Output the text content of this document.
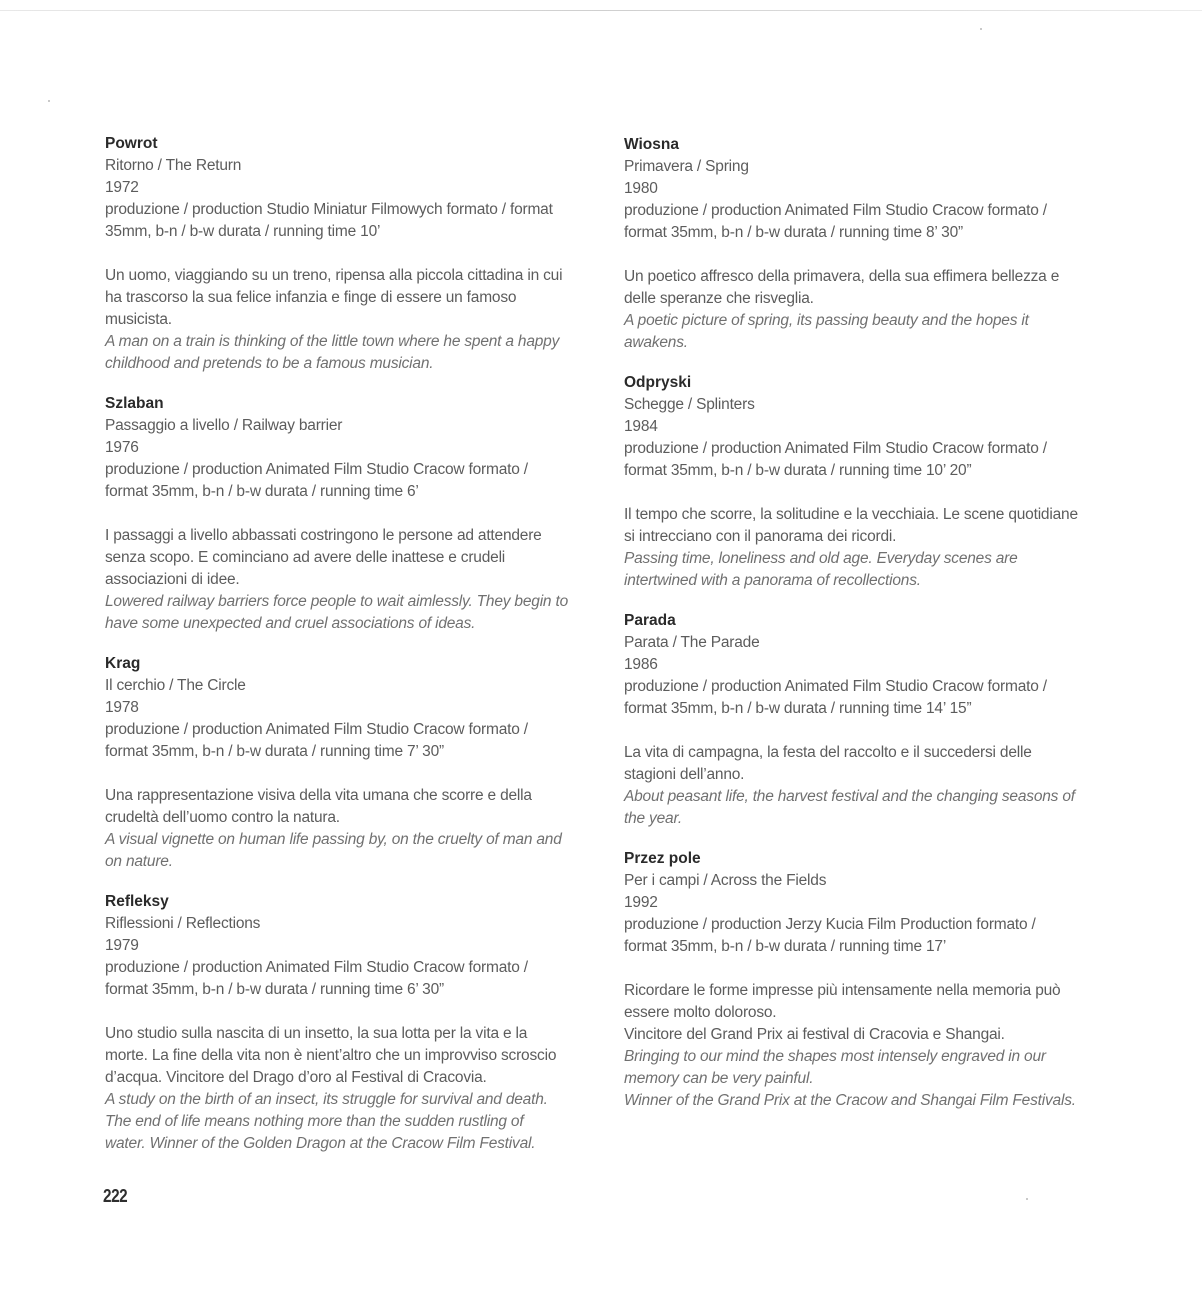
Powrot
Ritorno / The Return
1972
produzione / production Studio Miniatur Filmowych formato / format
35mm, b-n / b-w durata / running time 10’
Un uomo, viaggiando su un treno, ripensa alla piccola cittadina in cui
ha trascorso la sua felice infanzia e finge di essere un famoso
musicista.
A man on a train is thinking of the little town where he spent a happy
childhood and pretends to be a famous musician.
Szlaban
Passaggio a livello / Railway barrier
1976
produzione / production Animated Film Studio Cracow formato /
format 35mm, b-n / b-w durata / running time 6’
I passaggi a livello abbassati costringono le persone ad attendere
senza scopo. E cominciano ad avere delle inattese e crudeli
associazioni di idee.
Lowered railway barriers force people to wait aimlessly. They begin to
have some unexpected and cruel associations of ideas.
Krag
Il cerchio / The Circle
1978
produzione / production Animated Film Studio Cracow formato /
format 35mm, b-n / b-w durata / running time 7’ 30”
Una rappresentazione visiva della vita umana che scorre e della
crudeltà dell’uomo contro la natura.
A visual vignette on human life passing by, on the cruelty of man and
on nature.
Refleksy
Riflessioni / Reflections
1979
produzione / production Animated Film Studio Cracow formato /
format 35mm, b-n / b-w durata / running time 6’ 30”
Uno studio sulla nascita di un insetto, la sua lotta per la vita e la
morte. La fine della vita non è nient’altro che un improvviso scroscio
d’acqua. Vincitore del Drago d’oro al Festival di Cracovia.
A study on the birth of an insect, its struggle for survival and death.
The end of life means nothing more than the sudden rustling of
water. Winner of the Golden Dragon at the Cracow Film Festival.
Wiosna
Primavera / Spring
1980
produzione / production Animated Film Studio Cracow formato /
format 35mm, b-n / b-w durata / running time 8’ 30”
Un poetico affresco della primavera, della sua effimera bellezza e
delle speranze che risveglia.
A poetic picture of spring, its passing beauty and the hopes it
awakens.
Odpryski
Schegge / Splinters
1984
produzione / production Animated Film Studio Cracow formato /
format 35mm, b-n / b-w durata / running time 10’ 20”
Il tempo che scorre, la solitudine e la vecchiaia. Le scene quotidiane
si intrecciano con il panorama dei ricordi.
Passing time, loneliness and old age. Everyday scenes are
intertwined with a panorama of recollections.
Parada
Parata / The Parade
1986
produzione / production Animated Film Studio Cracow formato /
format 35mm, b-n / b-w durata / running time 14’ 15”
La vita di campagna, la festa del raccolto e il succedersi delle
stagioni dell’anno.
About peasant life, the harvest festival and the changing seasons of
the year.
Przez pole
Per i campi / Across the Fields
1992
produzione / production Jerzy Kucia Film Production formato /
format 35mm, b-n / b-w durata / running time 17’
Ricordare le forme impresse più intensamente nella memoria può
essere molto doloroso.
Vincitore del Grand Prix ai festival di Cracovia e Shangai.
Bringing to our mind the shapes most intensely engraved in our
memory can be very painful.
Winner of the Grand Prix at the Cracow and Shangai Film Festivals.
222
